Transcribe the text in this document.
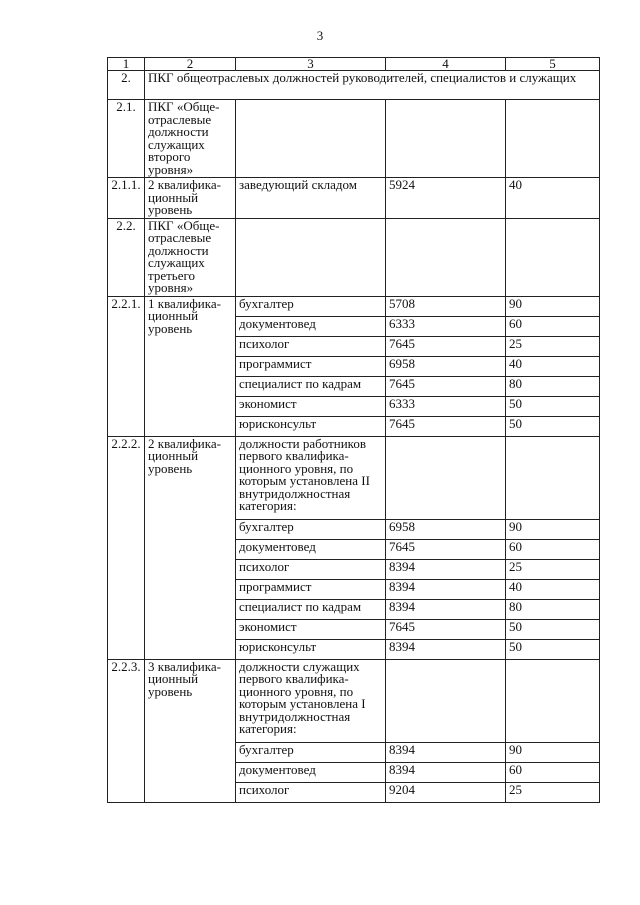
3
1	2	3	4	5
2.	ПКГ общеотраслевых должностей руководителей, специалистов и служащих			
2.1.	ПКГ «Обще-отраслевые должности служащих второго уровня»			
2.1.1.	2 квалифика-ционный уровень	заведующий складом	5924	40
2.2.	ПКГ «Обще-отраслевые должности служащих третьего уровня»			
2.2.1.	1 квалифика-ционный уровень	бухгалтер	5708	90
		документовед	6333	60
		психолог	7645	25
		программист	6958	40
		специалист по кадрам	7645	80
		экономист	6333	50
		юрисконсульт	7645	50
2.2.2.	2 квалифика-ционный уровень	должности работников первого квалифика-ционного уровня, по которым установлена II внутридолжностная категория:		
		бухгалтер	6958	90
		документовед	7645	60
		психолог	8394	25
		программист	8394	40
		специалист по кадрам	8394	80
		экономист	7645	50
		юрисконсульт	8394	50
2.2.3.	3 квалифика-ционный уровень	должности служащих первого квалифика-ционного уровня, по которым установлена I внутридолжностная категория:		
		бухгалтер	8394	90
		документовед	8394	60
		психолог	9204	25
